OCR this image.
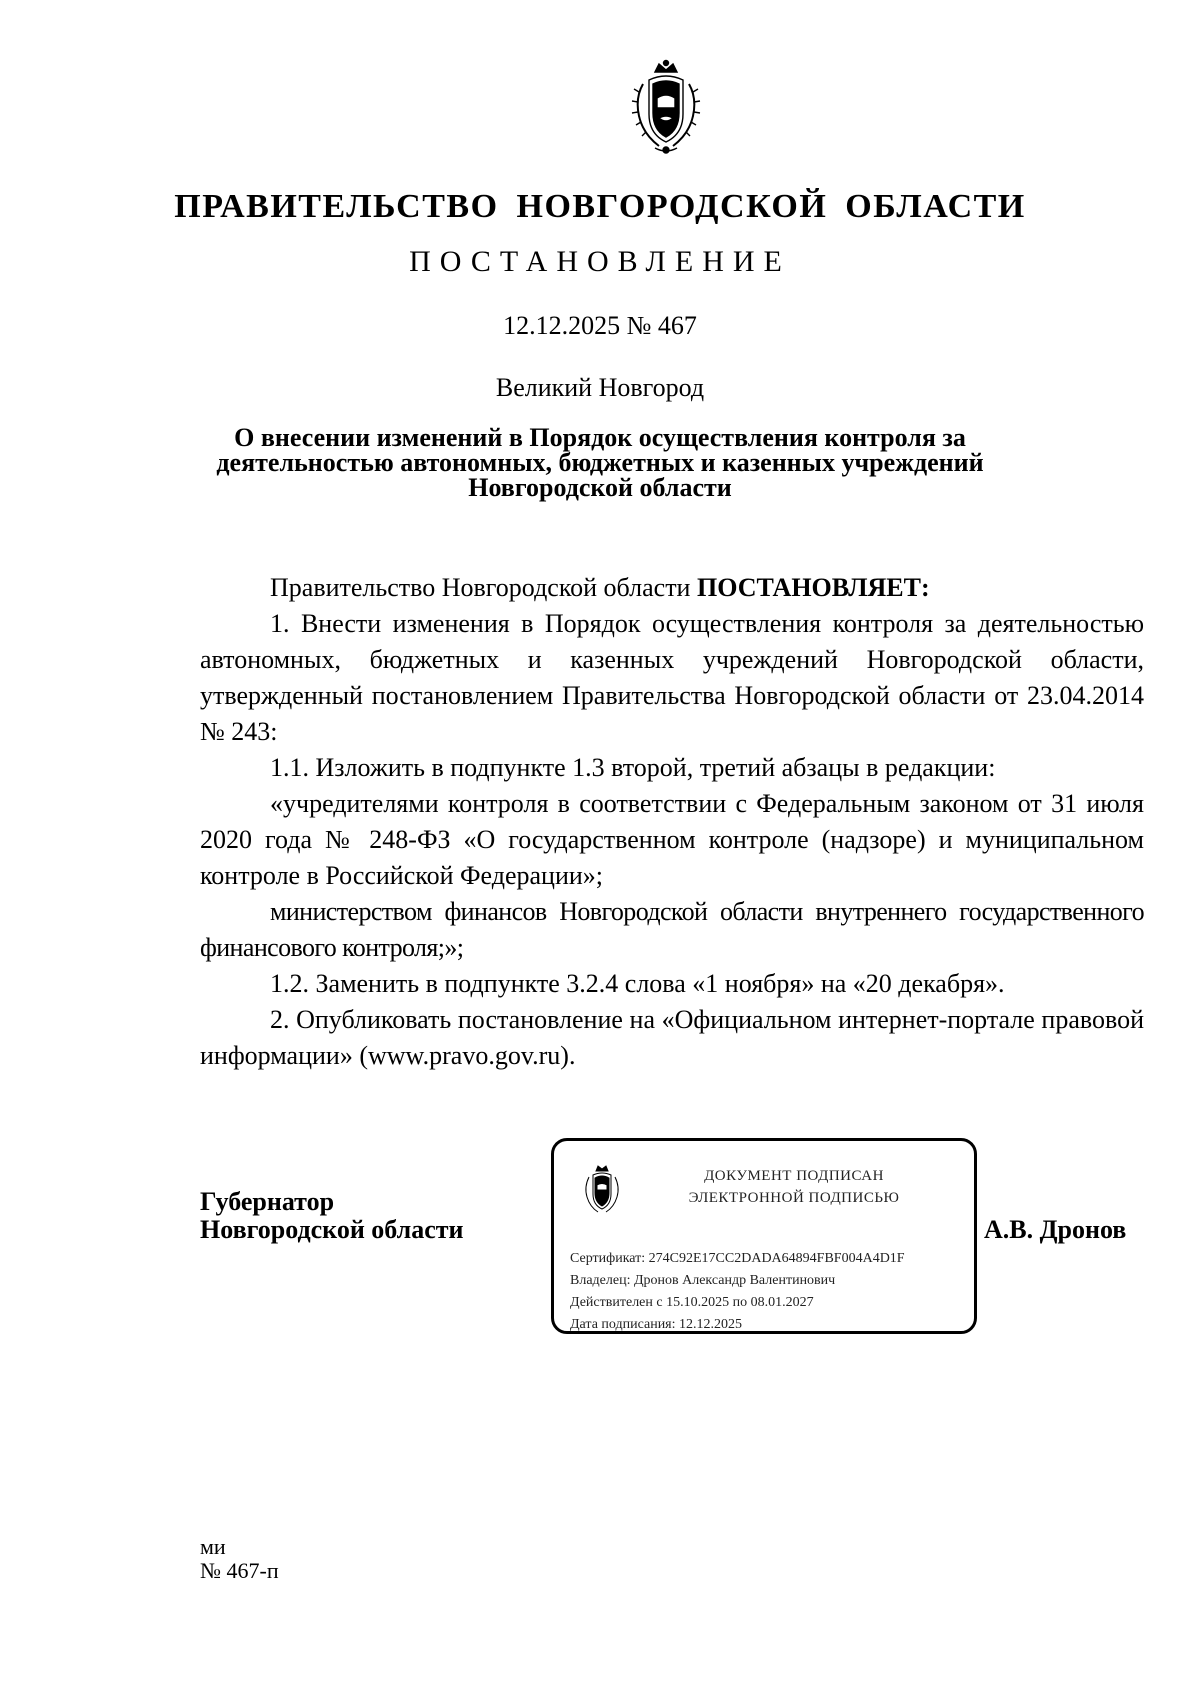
ПРАВИТЕЛЬСТВО НОВГОРОДСКОЙ ОБЛАСТИ
ПОСТАНОВЛЕНИЕ
12.12.2025 № 467
Великий Новгород
О внесении изменений в Порядок осуществления контроля за
деятельностью автономных, бюджетных и казенных учреждений
Новгородской области

Правительство Новгородской области ПОСТАНОВЛЯЕТ:

1. Внести изменения в Порядок осуществления контроля за деятельностью автономных, бюджетных и казенных учреждений Новгородской области, утвержденный постановлением Правительства Новгородской области от 23.04.2014 № 243:

1.1. Изложить в подпункте 1.3 второй, третий абзацы в редакции:

«учредителями контроля в соответствии с Федеральным законом от 31 июля 2020 года № 248-ФЗ «О государственном контроле (надзоре) и муниципальном контроле в Российской Федерации»;

министерством финансов Новгородской области внутреннего государственного финансового контроля;»;

1.2. Заменить в подпункте 3.2.4 слова «1 ноября» на «20 декабря».

2. Опубликовать постановление на «Официальном интернет-портале правовой информации» (www.pravo.gov.ru).

Губернатор
Новгородской области
ДОКУМЕНТ ПОДПИСАН
ЭЛЕКТРОННОЙ ПОДПИСЬЮ
Сертификат: 274C92E17CC2DADA64894FBF004A4D1F
Владелец: Дронов Александр Валентинович
Действителен с 15.10.2025 по 08.01.2027
Дата подписания: 12.12.2025
А.В. Дронов
ми
№ 467-п
